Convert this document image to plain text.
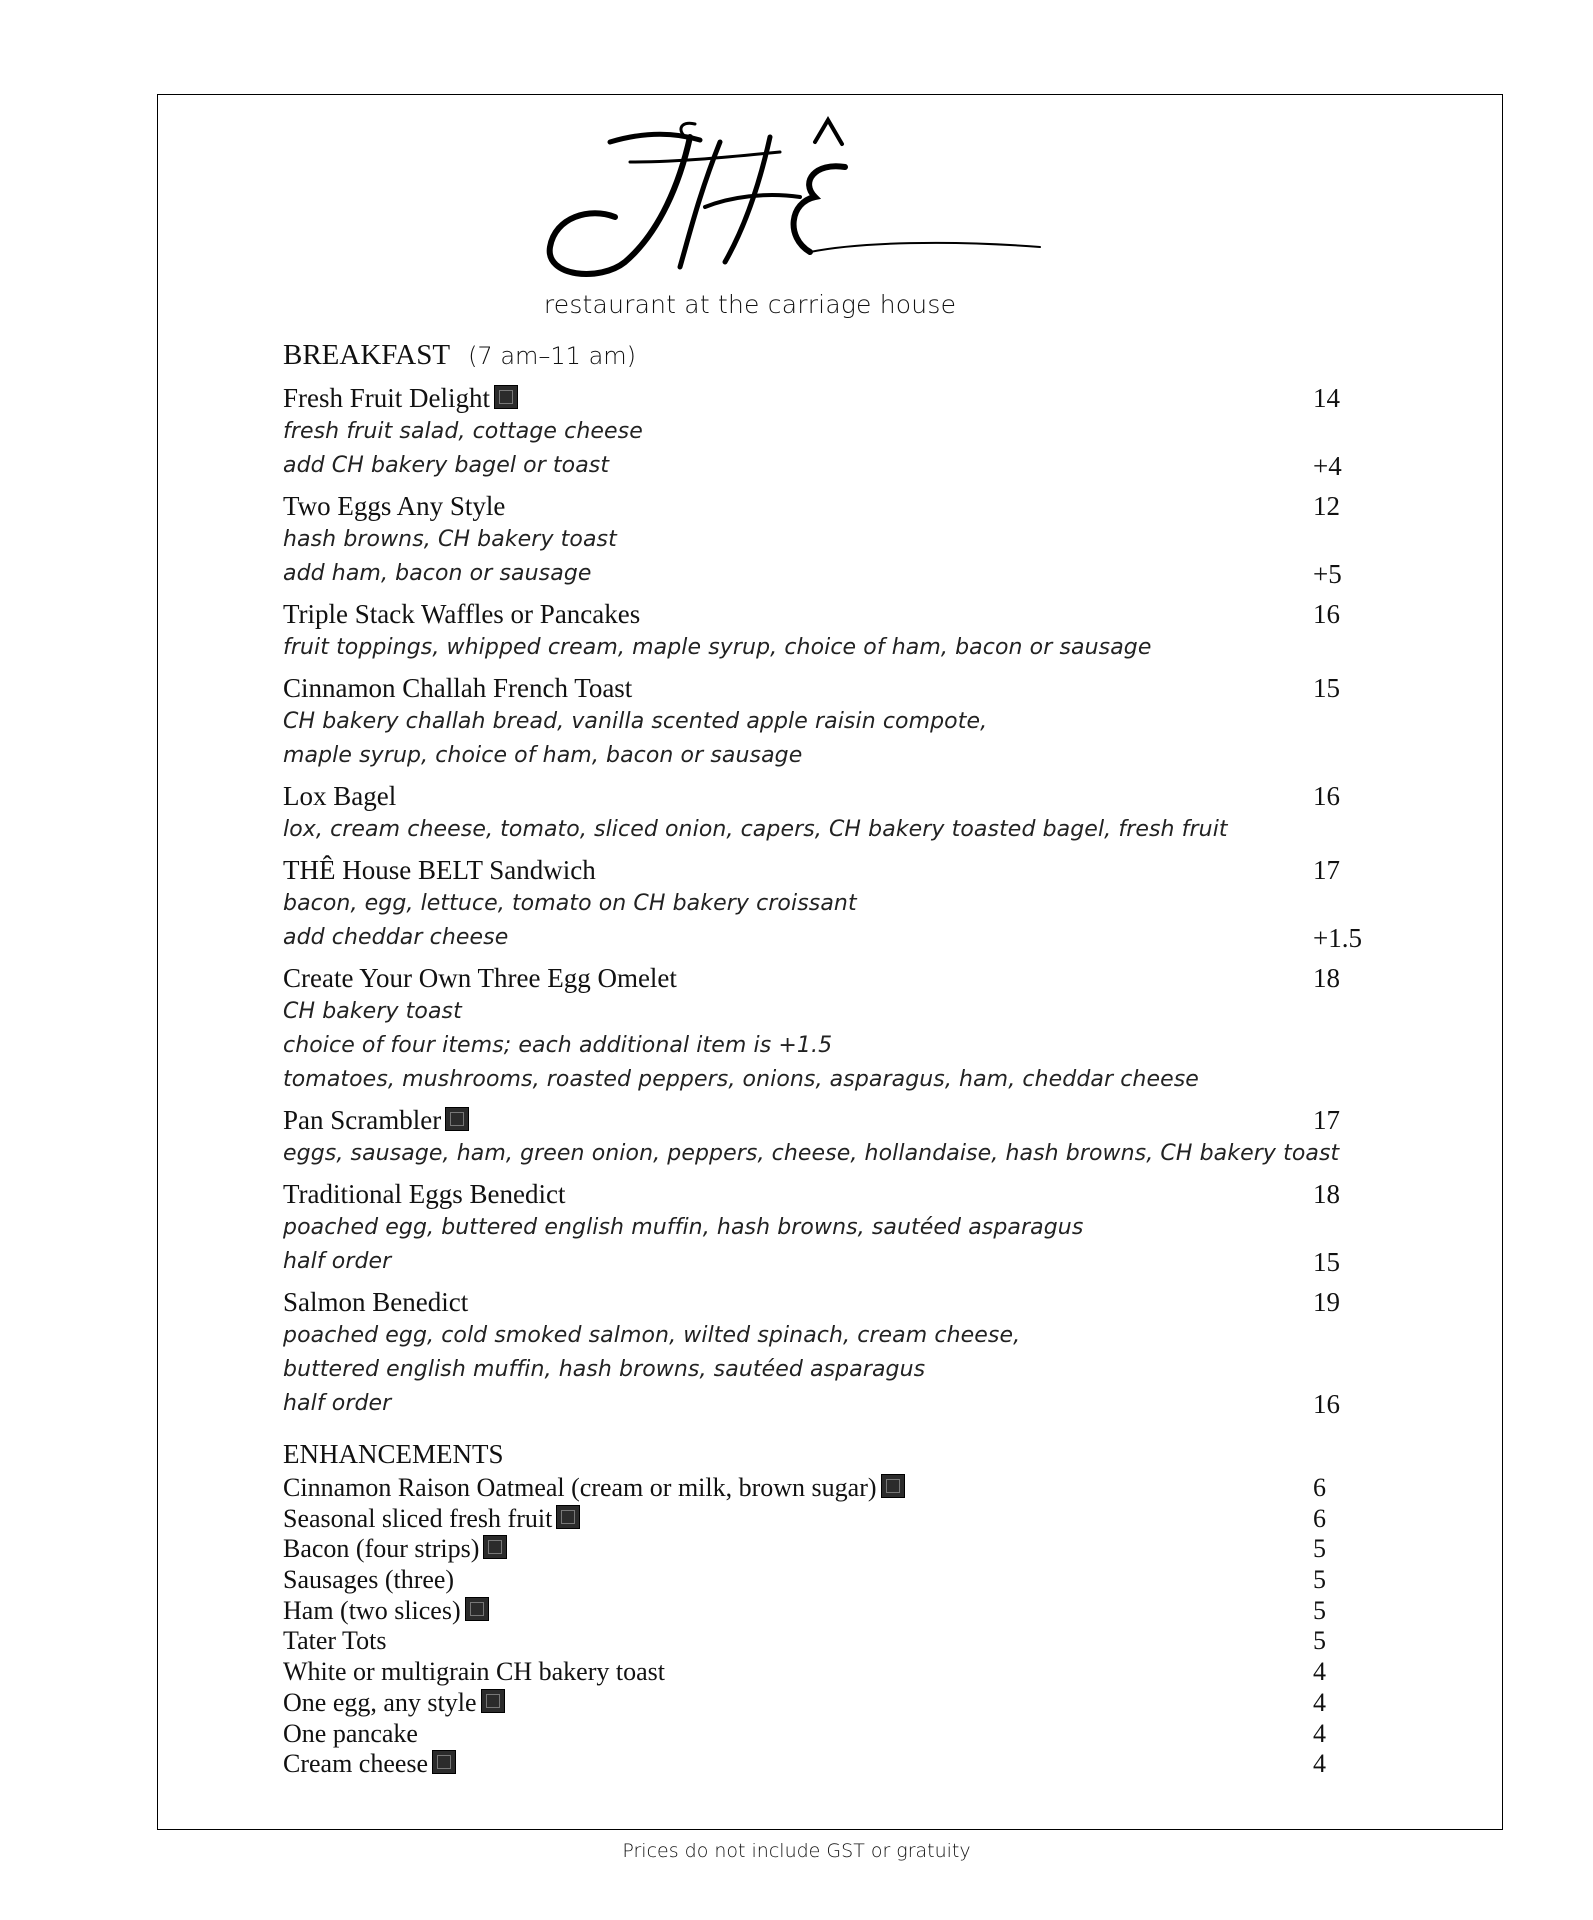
restaurant at the carriage house
BREAKFAST (7 am–11 am)
Fresh Fruit Delight	14
fresh fruit salad, cottage cheese
add CH bakery bagel or toast	+4
Two Eggs Any Style	12
hash browns, CH bakery toast
add ham, bacon or sausage	+5
Triple Stack Waffles or Pancakes	16
fruit toppings, whipped cream, maple syrup, choice of ham, bacon or sausage
Cinnamon Challah French Toast	15
CH bakery challah bread, vanilla scented apple raisin compote,
maple syrup, choice of ham, bacon or sausage
Lox Bagel	16
lox, cream cheese, tomato, sliced onion, capers, CH bakery toasted bagel, fresh fruit
THÊ House BELT Sandwich	17
bacon, egg, lettuce, tomato on CH bakery croissant
add cheddar cheese	+1.5
Create Your Own Three Egg Omelet	18
CH bakery toast
choice of four items; each additional item is +1.5
tomatoes, mushrooms, roasted peppers, onions, asparagus, ham, cheddar cheese
Pan Scrambler	17
eggs, sausage, ham, green onion, peppers, cheese, hollandaise, hash browns, CH bakery toast
Traditional Eggs Benedict	18
poached egg, buttered english muffin, hash browns, sautéed asparagus
half order	15
Salmon Benedict	19
poached egg, cold smoked salmon, wilted spinach, cream cheese,
buttered english muffin, hash browns, sautéed asparagus
half order	16
ENHANCEMENTS
Cinnamon Raison Oatmeal (cream or milk, brown sugar)	6
Seasonal sliced fresh fruit	6
Bacon (four strips)	5
Sausages (three)	5
Ham (two slices)	5
Tater Tots	5
White or multigrain CH bakery toast	4
One egg, any style	4
One pancake	4
Cream cheese	4
Prices do not include GST or gratuity
